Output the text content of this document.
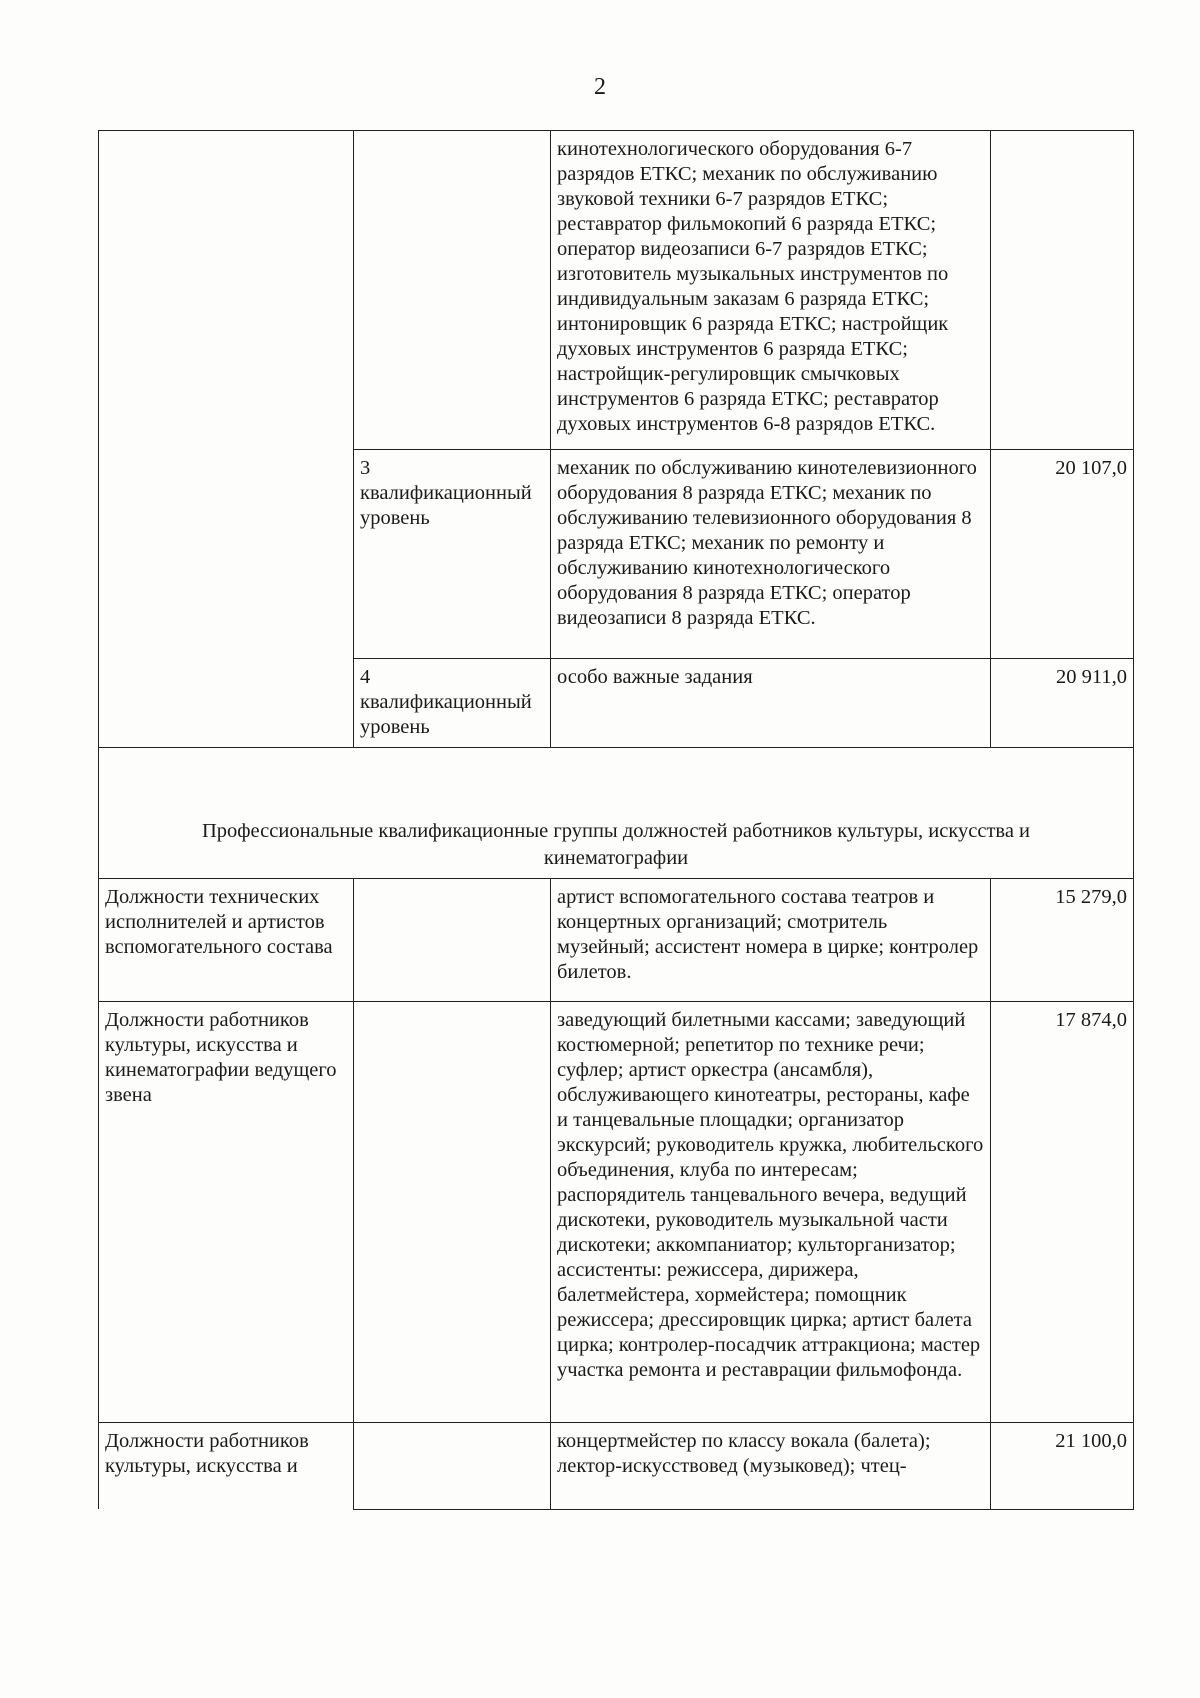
2
		кинотехнологического оборудования 6-7 разрядов ЕТКС; механик по обслуживанию звуковой техники 6-7 разрядов ЕТКС; реставратор фильмокопий 6 разряда ЕТКС; оператор видеозаписи 6-7 разрядов ЕТКС; изготовитель музыкальных инструментов по индивидуальным заказам 6 разряда ЕТКС; интонировщик 6 разряда ЕТКС; настройщик духовых инструментов 6 разряда ЕТКС; настройщик-регулировщик смычковых инструментов 6 разряда ЕТКС; реставратор духовых инструментов 6-8 разрядов ЕТКС.	
	3 квалификационный уровень	механик по обслуживанию кинотелевизионного оборудования 8 разряда ЕТКС; механик по обслуживанию телевизионного оборудования 8 разряда ЕТКС; механик по ремонту и обслуживанию кинотехнологического оборудования 8 разряда ЕТКС; оператор видеозаписи 8 разряда ЕТКС.	20 107,0
	4 квалификационный уровень	особо важные задания	20 911,0
Профессиональные квалификационные группы должностей работников культуры, искусства и кинематографии			
Должности технических исполнителей и артистов вспомогательного состава		артист вспомогательного состава театров и концертных организаций; смотритель музейный; ассистент номера в цирке; контролер билетов.	15 279,0
Должности работников культуры, искусства и кинематографии ведущего звена		заведующий билетными кассами; заведующий костюмерной; репетитор по технике речи; суфлер; артист оркестра (ансамбля), обслуживающего кинотеатры, рестораны, кафе и танцевальные площадки; организатор экскурсий; руководитель кружка, любительского объединения, клуба по интересам; распорядитель танцевального вечера, ведущий дискотеки, руководитель музыкальной части дискотеки; аккомпаниатор; культорганизатор; ассистенты: режиссера, дирижера, балетмейстера, хормейстера; помощник режиссера; дрессировщик цирка; артист балета цирка; контролер-посадчик аттракциона; мастер участка ремонта и реставрации фильмофонда.	17 874,0
Должности работников культуры, искусства и		концертмейстер по классу вокала (балета); лектор-искусствовед (музыковед); чтец-	21 100,0
